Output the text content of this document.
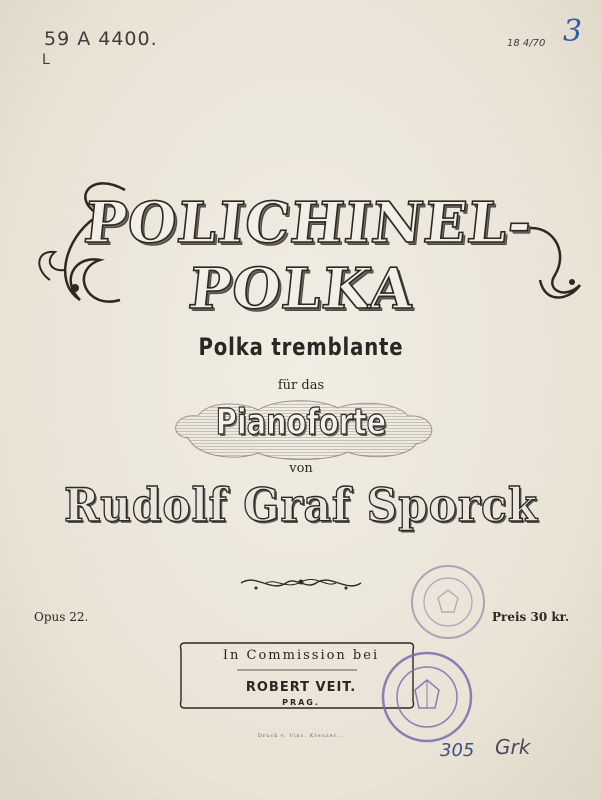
59 A 4400.
L
18 4/70 3
POLICHINEL-POLKA
Polka tremblante
für das
Pianoforte
von
Rudolf Graf Sporck
Opus 22.	Preis 30 kr.
In Commission bei
ROBERT VEIT.
PRAG.
Druck v. Vinc. Kreuzer...
305 Grk
